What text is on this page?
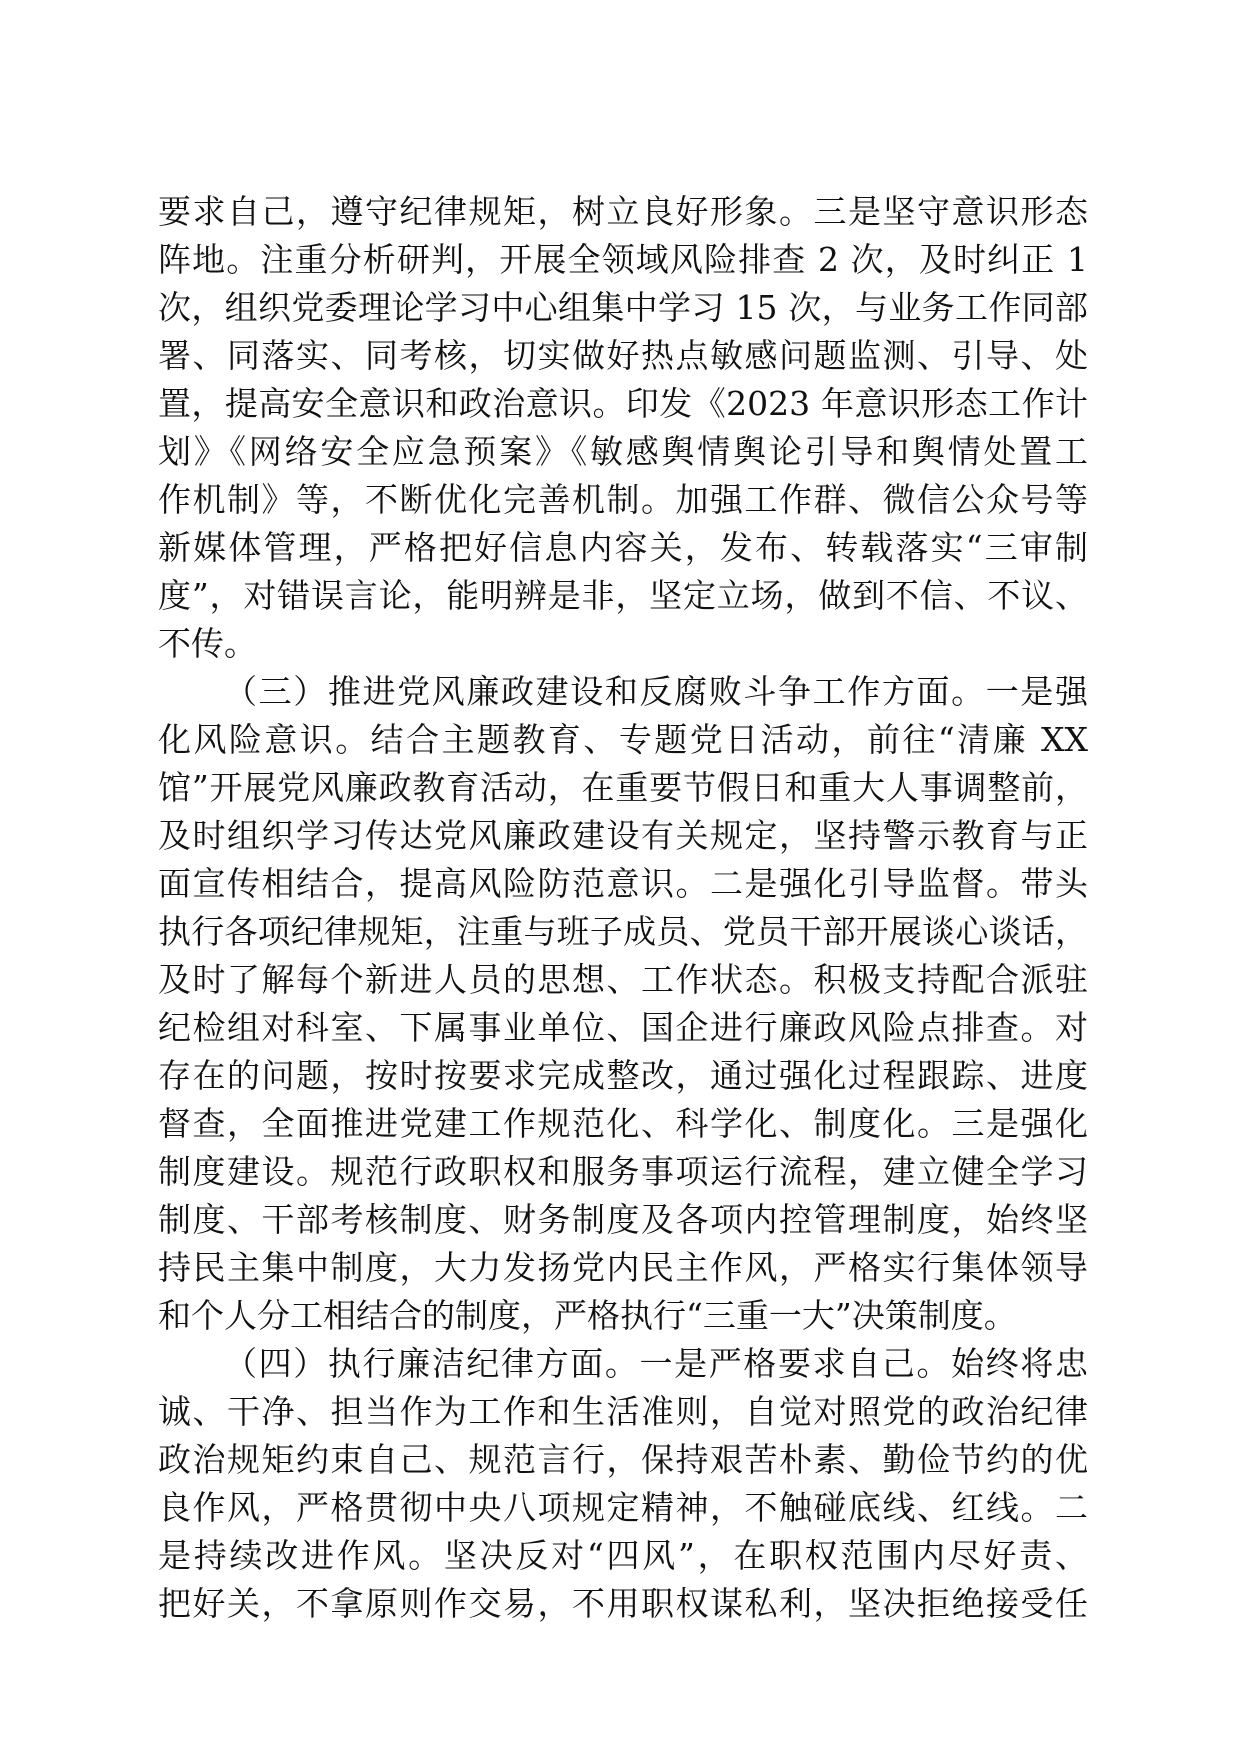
要求自己，遵守纪律规矩，树立良好形象。三是坚守意识形态
阵地。注重分析研判，开展全领域风险排查 2 次，及时纠正 1
次，组织党委理论学习中心组集中学习 15 次，与业务工作同部
署、同落实、同考核，切实做好热点敏感问题监测、引导、处
置，提高安全意识和政治意识。印发《2023 年意识形态工作计
划》《网络安全应急预案》《敏感舆情舆论引导和舆情处置工
作机制》等，不断优化完善机制。加强工作群、微信公众号等
新媒体管理，严格把好信息内容关，发布、转载落实“三审制
度”，对错误言论，能明辨是非，坚定立场，做到不信、不议、
不传。
（三）推进党风廉政建设和反腐败斗争工作方面。一是强
化风险意识。结合主题教育、专题党日活动，前往“清廉 XX
馆”开展党风廉政教育活动，在重要节假日和重大人事调整前，
及时组织学习传达党风廉政建设有关规定，坚持警示教育与正
面宣传相结合，提高风险防范意识。二是强化引导监督。带头
执行各项纪律规矩，注重与班子成员、党员干部开展谈心谈话，
及时了解每个新进人员的思想、工作状态。积极支持配合派驻
纪检组对科室、下属事业单位、国企进行廉政风险点排查。对
存在的问题，按时按要求完成整改，通过强化过程跟踪、进度
督查，全面推进党建工作规范化、科学化、制度化。三是强化
制度建设。规范行政职权和服务事项运行流程，建立健全学习
制度、干部考核制度、财务制度及各项内控管理制度，始终坚
持民主集中制度，大力发扬党内民主作风，严格实行集体领导
和个人分工相结合的制度，严格执行“三重一大”决策制度。
（四）执行廉洁纪律方面。一是严格要求自己。始终将忠
诚、干净、担当作为工作和生活准则，自觉对照党的政治纪律
政治规矩约束自己、规范言行，保持艰苦朴素、勤俭节约的优
良作风，严格贯彻中央八项规定精神，不触碰底线、红线。二
是持续改进作风。坚决反对“四风”，在职权范围内尽好责、
把好关，不拿原则作交易，不用职权谋私利，坚决拒绝接受任
